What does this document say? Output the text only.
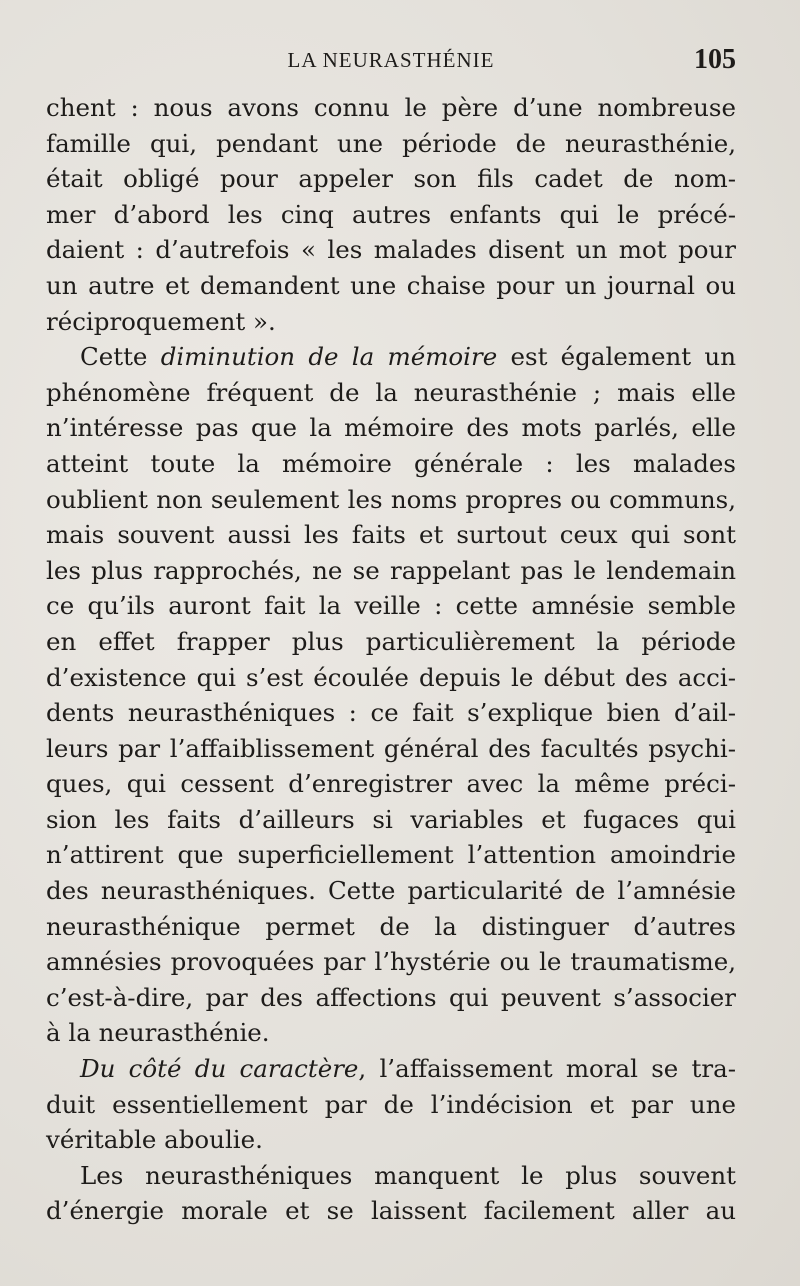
LA NEURASTHÉNIE	105
chent : nous avons connu le père d’une nombreuse
famille qui, pendant une période de neurasthénie,
était obligé pour appeler son fils cadet de nom-
mer d’abord les cinq autres enfants qui le précé-
daient : d’autrefois « les malades disent un mot pour
un autre et demandent une chaise pour un journal ou
réciproquement ».
Cette diminution de la mémoire est également un
phénomène fréquent de la neurasthénie ; mais elle
n’intéresse pas que la mémoire des mots parlés, elle
atteint toute la mémoire générale : les malades
oublient non seulement les noms propres ou communs,
mais souvent aussi les faits et surtout ceux qui sont
les plus rapprochés, ne se rappelant pas le lendemain
ce qu’ils auront fait la veille : cette amnésie semble
en effet frapper plus particulièrement la période
d’existence qui s’est écoulée depuis le début des acci-
dents neurasthéniques : ce fait s’explique bien d’ail-
leurs par l’affaiblissement général des facultés psychi-
ques, qui cessent d’enregistrer avec la même préci-
sion les faits d’ailleurs si variables et fugaces qui
n’attirent que superficiellement l’attention amoindrie
des neurasthéniques. Cette particularité de l’amnésie
neurasthénique permet de la distinguer d’autres
amnésies provoquées par l’hystérie ou le traumatisme,
c’est-à-dire, par des affections qui peuvent s’associer
à la neurasthénie.
Du côté du caractère, l’affaissement moral se tra-
duit essentiellement par de l’indécision et par une
véritable aboulie.
Les neurasthéniques manquent le plus souvent
d’énergie morale et se laissent facilement aller au
